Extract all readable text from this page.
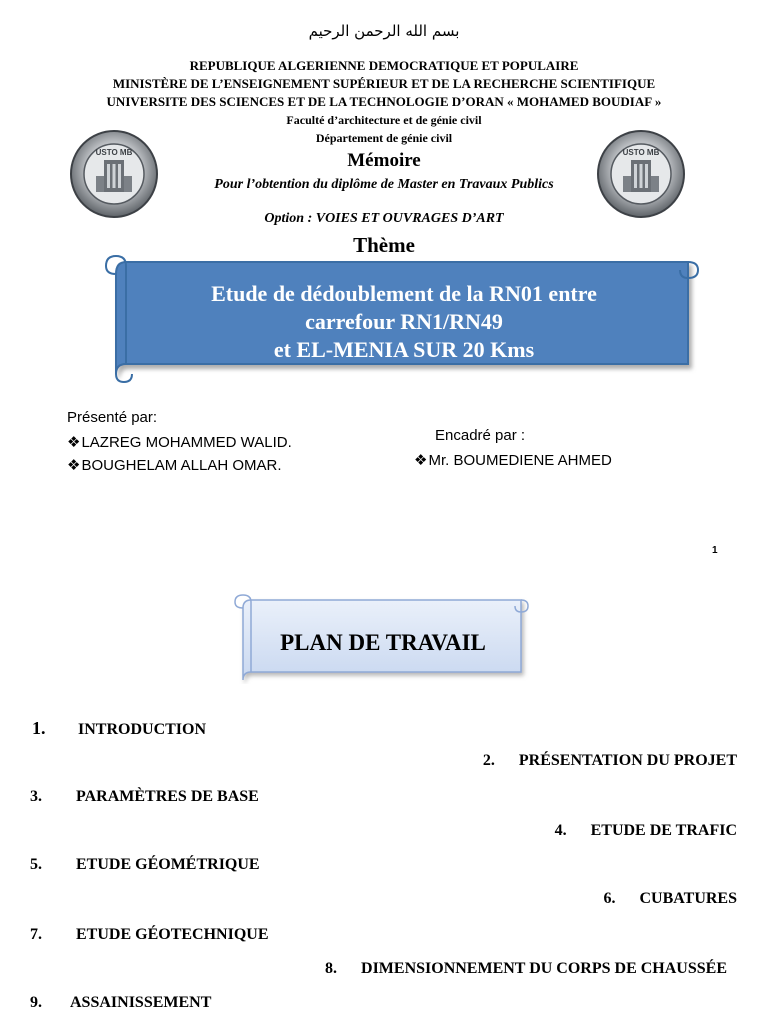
بسم الله الرحمن الرحيم
REPUBLIQUE ALGERIENNE DEMOCRATIQUE ET POPULAIRE
MINISTÈRE DE L’ENSEIGNEMENT SUPÉRIEUR ET DE LA RECHERCHE SCIENTIFIQUE
UNIVERSITE DES SCIENCES ET DE LA TECHNOLOGIE D’ORAN « MOHAMED BOUDIAF »
Faculté d’architecture et de génie civil
Département de génie civil
USTO MB	USTO MB
Mémoire
Pour l’obtention du diplôme de Master en Travaux Publics
Option : VOIES ET OUVRAGES D’ART
Thème
Etude de dédoublement de la RN01 entre
carrefour RN1/RN49
et EL-MENIA SUR 20 Kms
Présenté par:
❖LAZREG MOHAMMED WALID.
❖BOUGHELAM ALLAH OMAR.
Encadré par :
❖Mr. BOUMEDIENE AHMED
1
PLAN DE TRAVAIL
1. INTRODUCTION
2. PRÉSENTATION DU PROJET
3. PARAMÈTRES DE BASE
4. ETUDE DE TRAFIC
5. ETUDE GÉOMÉTRIQUE
6. CUBATURES
7. ETUDE GÉOTECHNIQUE
8. DIMENSIONNEMENT DU CORPS DE CHAUSSÉE
9. ASSAINISSEMENT
